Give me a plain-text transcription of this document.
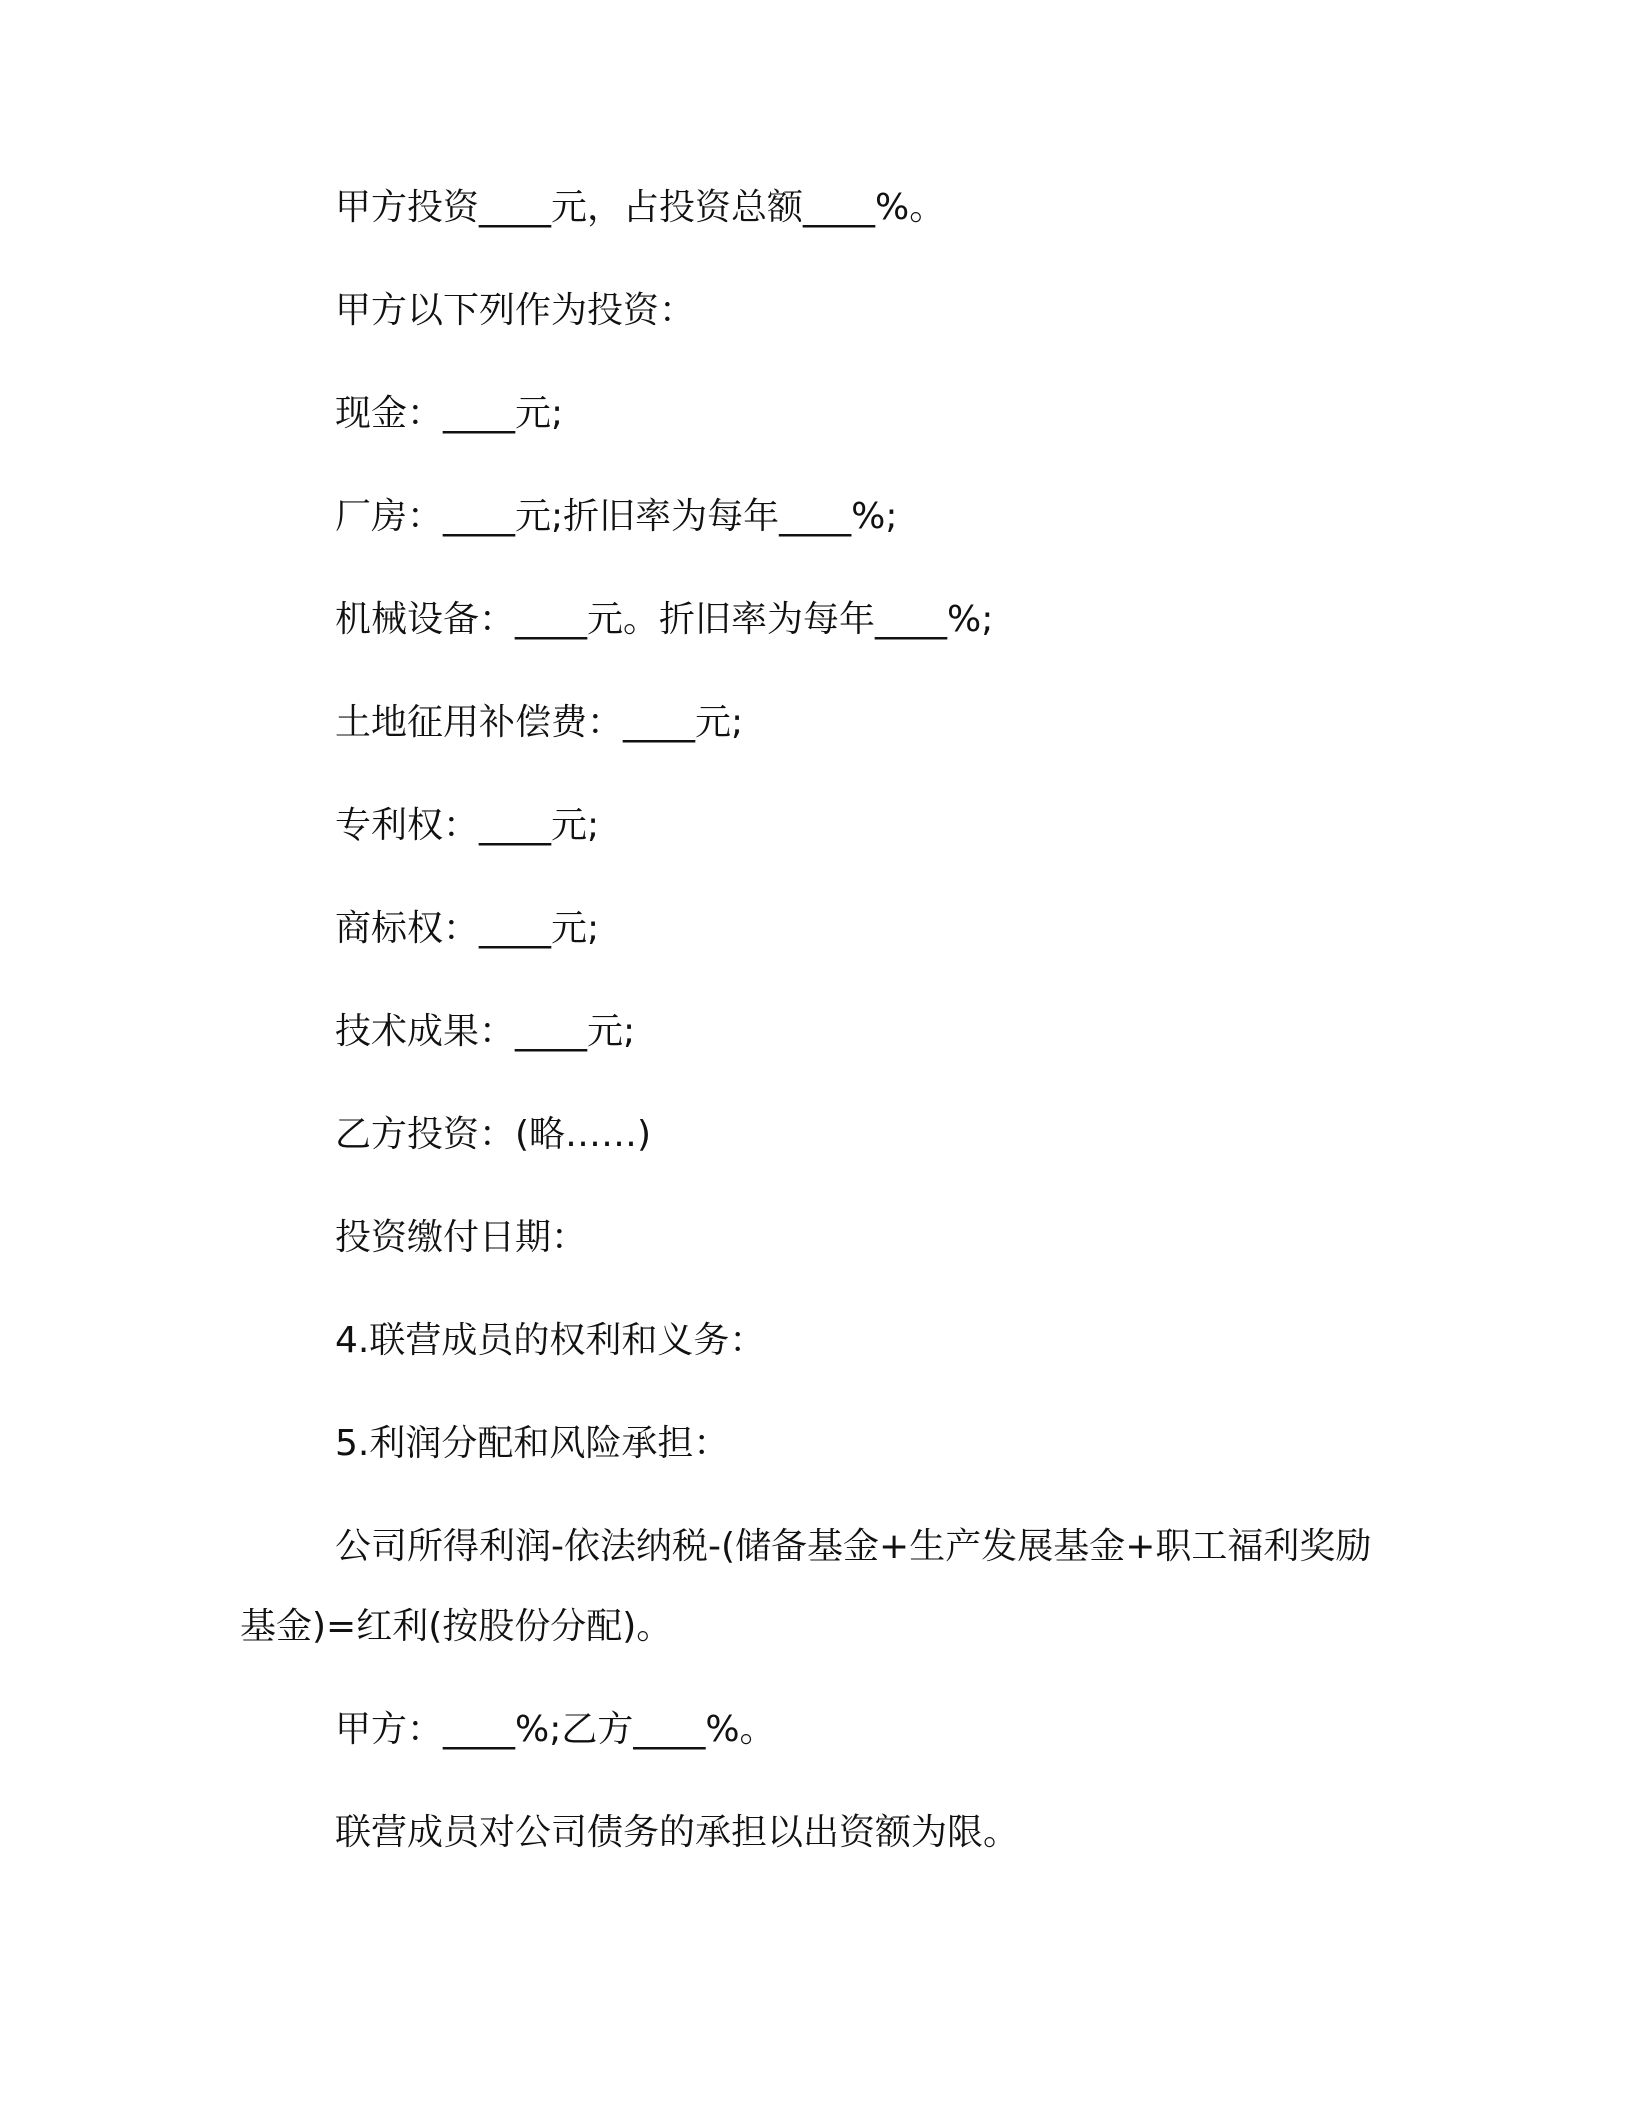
甲方投资____元，占投资总额____%。

甲方以下列作为投资：

现金：____元;

厂房：____元;折旧率为每年____%;

机械设备：____元。折旧率为每年____%;

土地征用补偿费：____元;

专利权：____元;

商标权：____元;

技术成果：____元;

乙方投资：(略……)

投资缴付日期：

4.联营成员的权利和义务：

5.利润分配和风险承担：

公司所得利润-依法纳税-(储备基金+生产发展基金+职工福利奖励基金)=红利(按股份分配)。

甲方：____%;乙方____%。

联营成员对公司债务的承担以出资额为限。
